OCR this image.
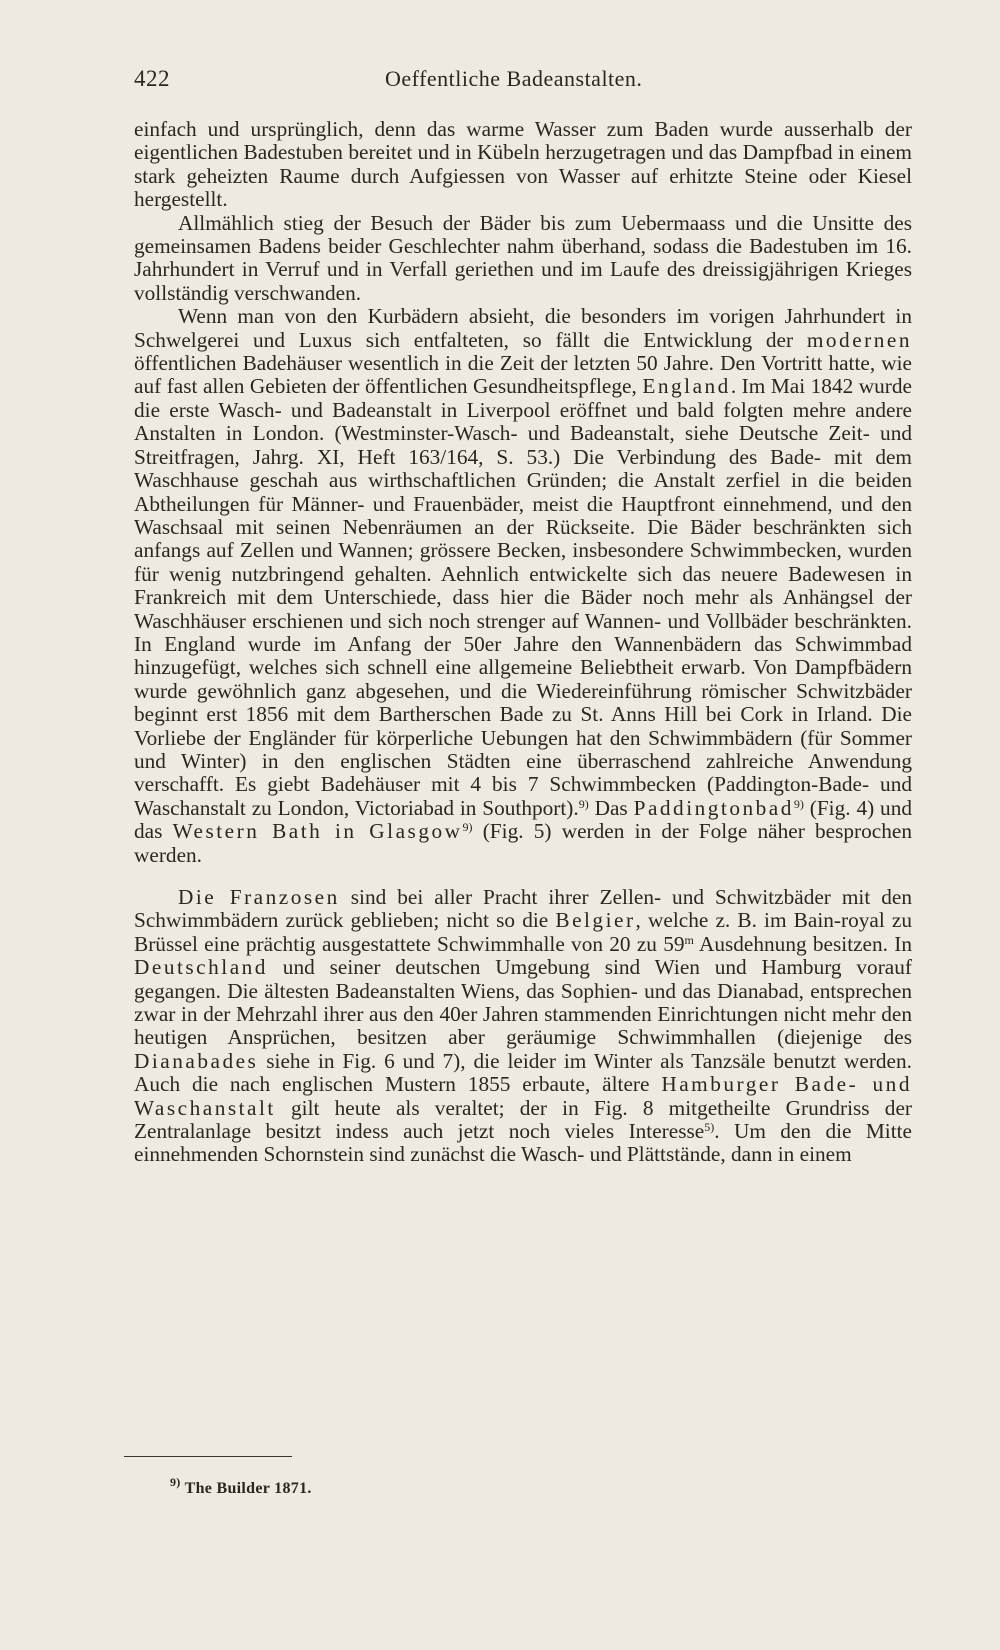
422	Oeffentliche Badeanstalten.

einfach und ursprünglich, denn das warme Wasser zum Baden wurde ausserhalb der eigentlichen Badestuben bereitet und in Kübeln herzugetragen und das Dampfbad in einem stark geheizten Raume durch Aufgiessen von Wasser auf erhitzte Steine oder Kiesel hergestellt.

Allmählich stieg der Besuch der Bäder bis zum Uebermaass und die Unsitte des gemeinsamen Badens beider Geschlechter nahm überhand, sodass die Badestuben im 16. Jahrhundert in Verruf und in Verfall geriethen und im Laufe des dreissigjährigen Krieges vollständig verschwanden.

Wenn man von den Kurbädern absieht, die besonders im vorigen Jahrhundert in Schwelgerei und Luxus sich entfalteten, so fällt die Entwicklung der modernen öffentlichen Badehäuser wesentlich in die Zeit der letzten 50 Jahre. Den Vortritt hatte, wie auf fast allen Gebieten der öffentlichen Gesundheitspflege, England. Im Mai 1842 wurde die erste Wasch- und Badeanstalt in Liverpool eröffnet und bald folgten mehre andere Anstalten in London. (Westminster-Wasch- und Badeanstalt, siehe Deutsche Zeit- und Streitfragen, Jahrg. XI, Heft 163/164, S. 53.) Die Verbindung des Bade- mit dem Waschhause geschah aus wirthschaftlichen Gründen; die Anstalt zerfiel in die beiden Abtheilungen für Männer- und Frauenbäder, meist die Hauptfront einnehmend, und den Waschsaal mit seinen Nebenräumen an der Rückseite. Die Bäder beschränkten sich anfangs auf Zellen und Wannen; grössere Becken, insbesondere Schwimmbecken, wurden für wenig nutzbringend gehalten. Aehnlich entwickelte sich das neuere Badewesen in Frankreich mit dem Unterschiede, dass hier die Bäder noch mehr als Anhängsel der Waschhäuser erschienen und sich noch strenger auf Wannen- und Vollbäder beschränkten. In England wurde im Anfang der 50er Jahre den Wannenbädern das Schwimmbad hinzugefügt, welches sich schnell eine allgemeine Beliebtheit erwarb. Von Dampfbädern wurde gewöhnlich ganz abgesehen, und die Wiedereinführung römischer Schwitzbäder beginnt erst 1856 mit dem Bartherschen Bade zu St. Anns Hill bei Cork in Irland. Die Vorliebe der Engländer für körperliche Uebungen hat den Schwimmbädern (für Sommer und Winter) in den englischen Städten eine überraschend zahlreiche Anwendung verschafft. Es giebt Badehäuser mit 4 bis 7 Schwimmbecken (Paddington-Bade- und Waschanstalt zu London, Victoriabad in Southport).$^{9)}$ Das Paddingtonbad$^{9)}$ (Fig. 4) und das Western Bath in Glasgow$^{9)}$ (Fig. 5) werden in der Folge näher besprochen werden.

Die Franzosen sind bei aller Pracht ihrer Zellen- und Schwitzbäder mit den Schwimmbädern zurück geblieben; nicht so die Belgier, welche z. B. im Bain-royal zu Brüssel eine prächtig ausgestattete Schwimmhalle von 20 zu 59$^m$ Ausdehnung besitzen. In Deutschland und seiner deutschen Umgebung sind Wien und Hamburg vorauf gegangen. Die ältesten Badeanstalten Wiens, das Sophien- und das Dianabad, entsprechen zwar in der Mehrzahl ihrer aus den 40er Jahren stammenden Einrichtungen nicht mehr den heutigen Ansprüchen, besitzen aber geräumige Schwimmhallen (diejenige des Dianabades siehe in Fig. 6 und 7), die leider im Winter als Tanzsäle benutzt werden. Auch die nach englischen Mustern 1855 erbaute, ältere Hamburger Bade- und Waschanstalt gilt heute als veraltet; der in Fig. 8 mitgetheilte Grundriss der Zentralanlage besitzt indess auch jetzt noch vieles Interesse$^{5)}$. Um den die Mitte einnehmenden Schornstein sind zunächst die Wasch- und Plättstände, dann in einem

$^{9)}$ The Builder 1871.
